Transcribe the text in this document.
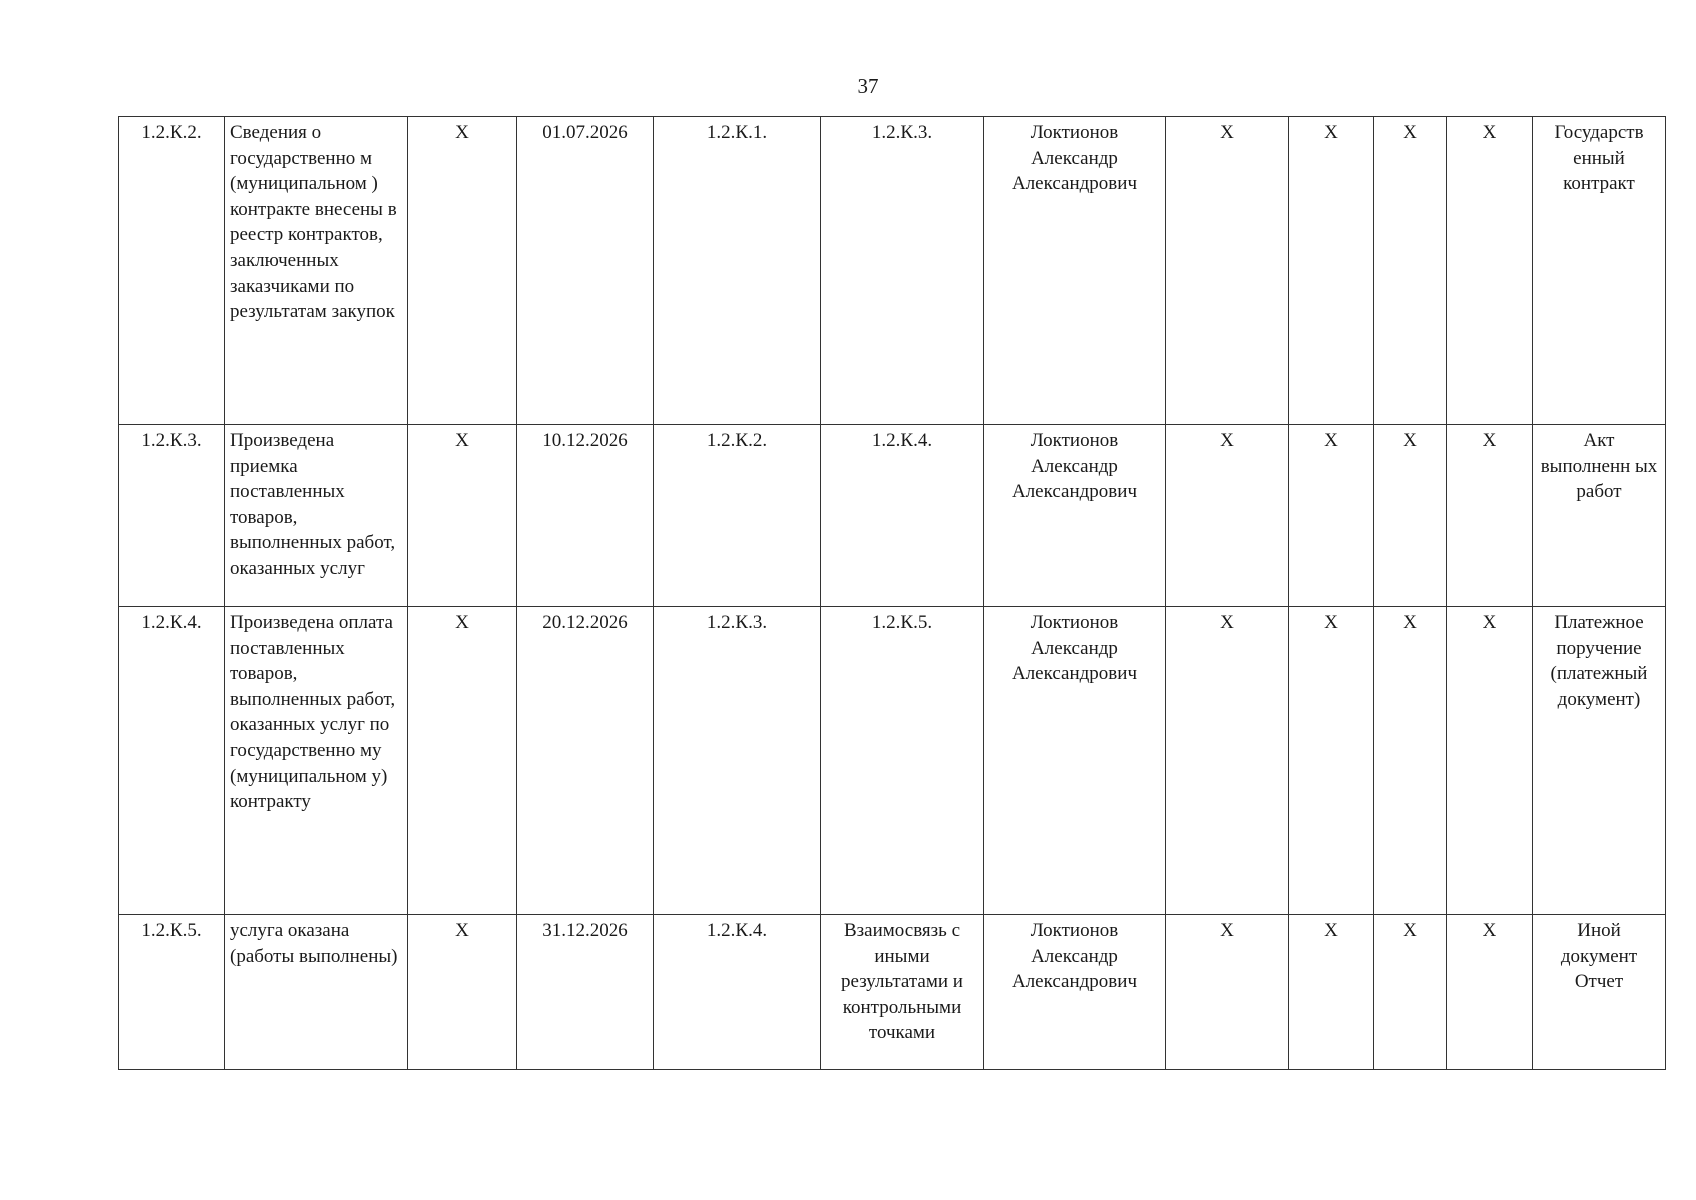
37
1.2.К.2.	Сведения о государственно м (муниципальном ) контракте внесены в реестр контрактов, заключенных заказчиками по результатам закупок	X	01.07.2026	1.2.К.1.	1.2.К.3.	Локтионов Александр Александрович	X	X	X	X	Государств енный контракт
1.2.К.3.	Произведена приемка поставленных товаров, выполненных работ, оказанных услуг	X	10.12.2026	1.2.К.2.	1.2.К.4.	Локтионов Александр Александрович	X	X	X	X	Акт выполненн ых работ
1.2.К.4.	Произведена оплата поставленных товаров, выполненных работ, оказанных услуг по государственно му (муниципальном у) контракту	X	20.12.2026	1.2.К.3.	1.2.К.5.	Локтионов Александр Александрович	X	X	X	X	Платежное поручение (платежный документ)
1.2.К.5.	услуга оказана (работы выполнены)	X	31.12.2026	1.2.К.4.	Взаимосвязь с иными результатами и контрольными точками	Локтионов Александр Александрович	X	X	X	X	Иной документ Отчет
